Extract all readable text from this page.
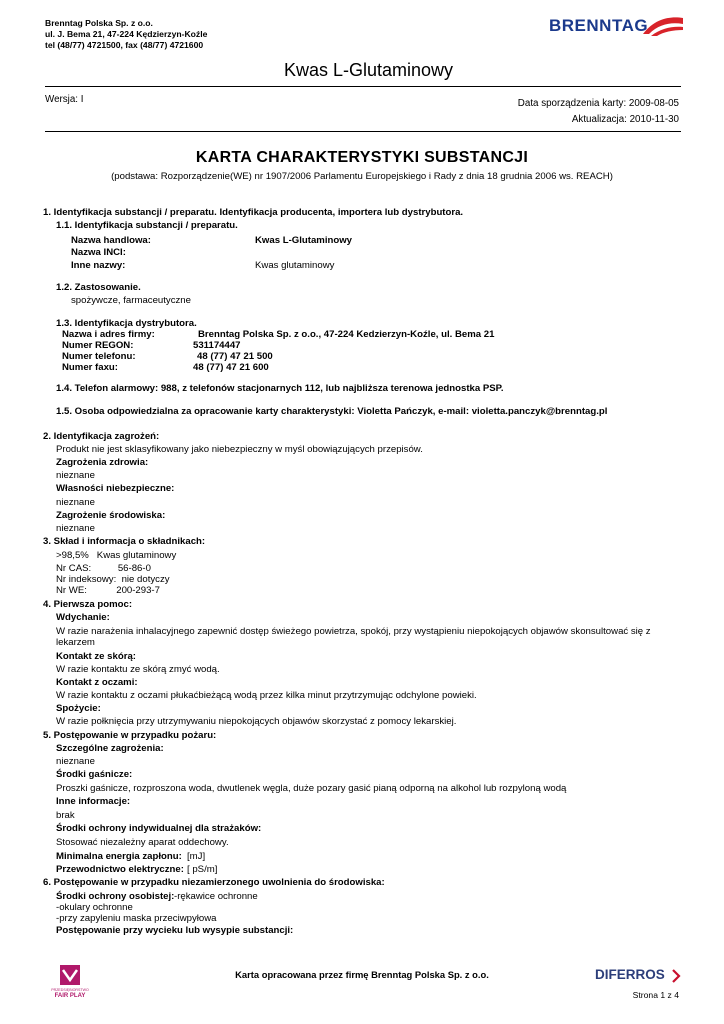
Brenntag Polska Sp. z o.o.
ul. J. Bema 21, 47-224 Kędzierzyn-Koźle
tel (48/77) 4721500, fax (48/77) 4721600
BRENNTAG
Kwas L-Glutaminowy
Wersja: I	Data sporządzenia karty: 2009-08-05
Aktualizacja: 2010-11-30
KARTA CHARAKTERYSTYKI SUBSTANCJI
(podstawa: Rozporządzenie(WE) nr 1907/2006 Parlamentu Europejskiego i Rady z dnia 18 grudnia 2006 ws. REACH)
1. Identyfikacja substancji / preparatu. Identyfikacja producenta, importera lub dystrybutora.
1.1. Identyfikacja substancji / preparatu.
Nazwa handlowa:	Kwas L-Glutaminowy
Nazwa INCI:
Inne nazwy:	Kwas glutaminowy
1.2. Zastosowanie.
spożywcze, farmaceutyczne
1.3. Identyfikacja dystrybutora.
Nazwa i adres firmy:	Brenntag Polska Sp. z o.o., 47-224 Kedzierzyn-Koźle, ul. Bema 21
Numer REGON:	531174447
Numer telefonu:	48 (77) 47 21 500
Numer faxu:	48 (77) 47 21 600
1.4. Telefon alarmowy: 988, z telefonów stacjonarnych 112, lub najbliższa terenowa jednostka PSP.
1.5. Osoba odpowiedzialna za opracowanie karty charakterystyki: Violetta Pańczyk, e-mail: violetta.panczyk@brenntag.pl
2. Identyfikacja zagrożeń:
Produkt nie jest sklasyfikowany jako niebezpieczny w myśl obowiązujących przepisów.
Zagrożenia zdrowia:
nieznane
Własności niebezpieczne:
nieznane
Zagrożenie środowiska:
nieznane
3. Skład i informacja o składnikach:
>98,5%   Kwas glutaminowy
Nr CAS:          56-86-0
Nr indeksowy:  nie dotyczy
Nr WE:           200-293-7
4. Pierwsza pomoc:
Wdychanie:
W razie narażenia inhalacyjnego zapewnić dostęp świeżego powietrza, spokój, przy wystąpieniu niepokojących objawów skonsultować się z
lekarzem
Kontakt ze skórą:
W razie kontaktu ze skórą zmyć wodą.
Kontakt z oczami:
W razie kontaktu z oczami płukaćbieżącą wodą przez kilka minut przytrzymując odchylone powieki.
Spożycie:
W razie połknięcia przy utrzymywaniu niepokojących objawów skorzystać z pomocy lekarskiej.
5. Postępowanie w przypadku pożaru:
Szczególne zagrożenia:
nieznane
Środki gaśnicze:
Proszki gaśnicze, rozproszona woda, dwutlenek węgla, duże pozary gasić pianą odporną na alkohol lub rozpyloną wodą
Inne informacje:
brak
Środki ochrony indywidualnej dla strażaków:
Stosować niezależny aparat oddechowy.
Minimalna energia zapłonu: [mJ]
Przewodnictwo elektryczne: [ pS/m]
6. Postępowanie w przypadku niezamierzonego uwolnienia do środowiska:
Środki ochrony osobistej: -rękawice ochronne
-okulary ochronne
-przy zapyleniu maska przeciwpyłowa
Postępowanie przy wycieku lub wysypie substancji:
PRZEDSIĘBIORSTWO
FAIR PLAY
Karta opracowana przez firmę Brenntag Polska Sp. z o.o.	DIFERROS
Strona 1 z 4
